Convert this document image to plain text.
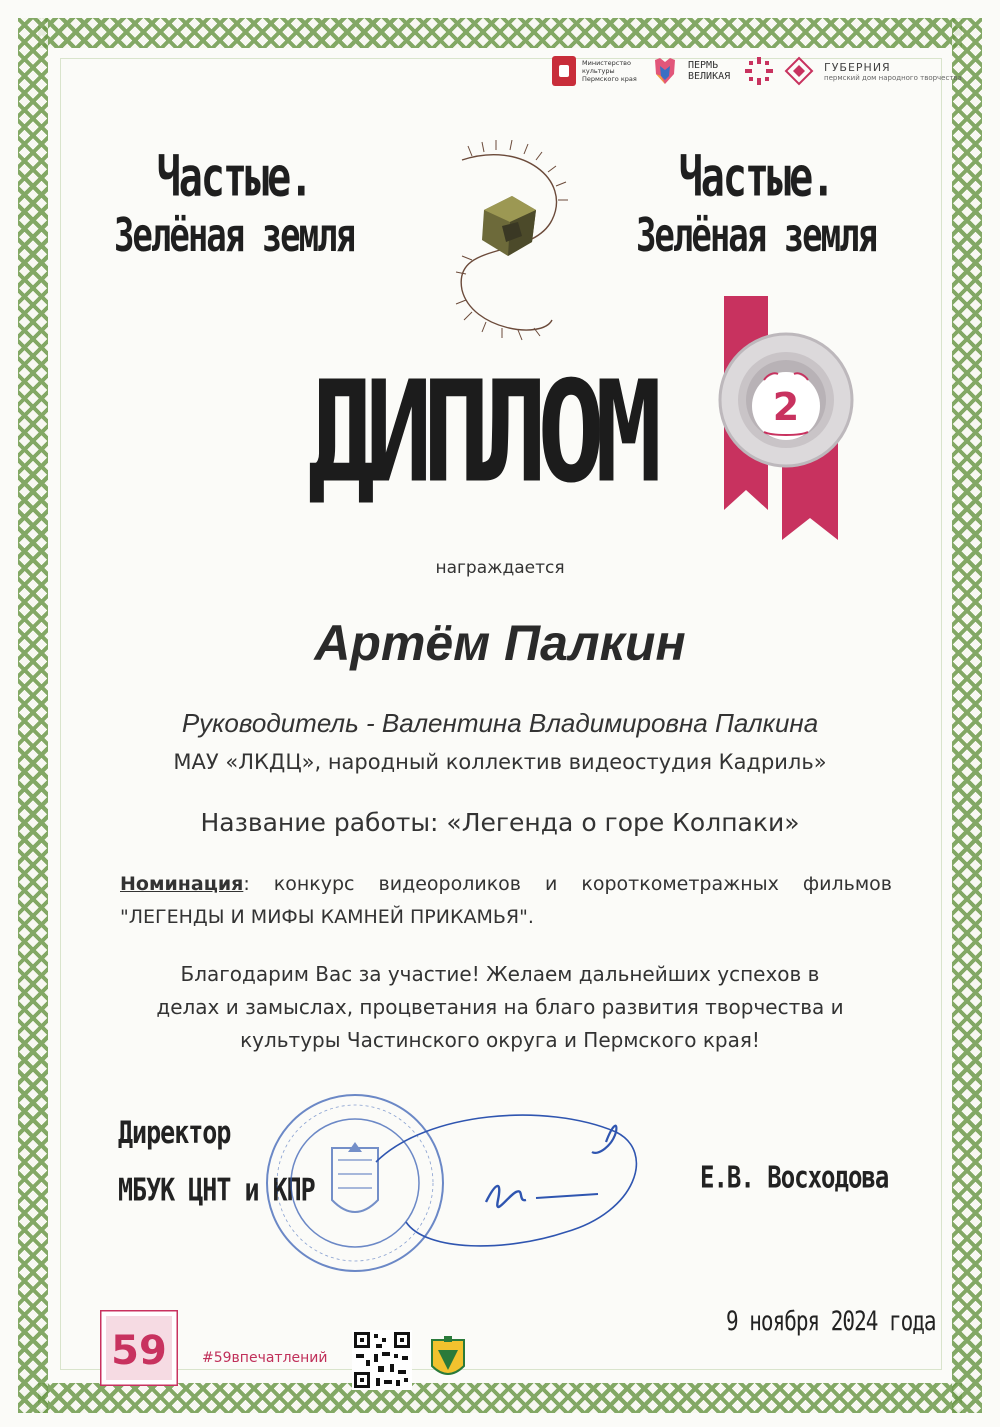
Министерство культуры Пермского края
ПЕРМЬ ВЕЛИКАЯ
ГУБЕРНИЯ
пермский дом народного творчества
Частые.
Зелёная земля
Частые.
Зелёная земля
ДИПЛОМ	2
награждается
Артём Палкин
Руководитель - Валентина Владимировна Палкина
МАУ «ЛКДЦ», народный коллектив видеостудия Кадриль»
Название работы: «Легенда о горе Колпаки»
Номинация: конкурс видеороликов и короткометражных фильмов "ЛЕГЕНДЫ И МИФЫ КАМНЕЙ ПРИКАМЬЯ".
Благодарим Вас за участие! Желаем дальнейших успехов в
делах и замыслах, процветания на благо развития творчества и
культуры Частинского округа и Пермского края!
Директор
МБУК ЦНТ и КПР	Е.В. Восходова
9 ноября 2024 года
59	#59впечатлений
